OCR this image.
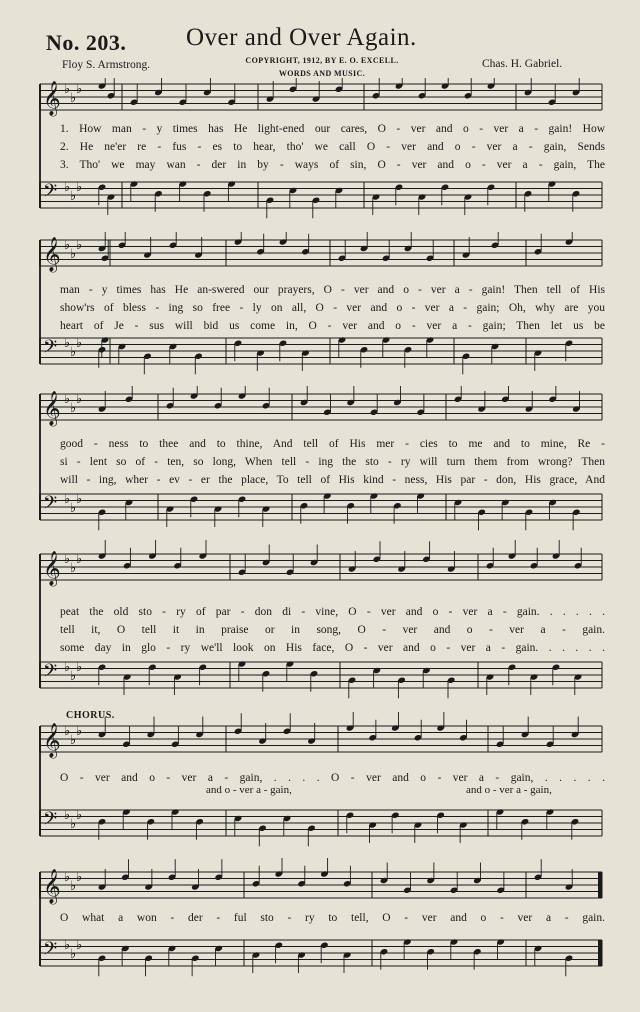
No. 203. Over and Over Again.
Floy S. Armstrong.	COPYRIGHT, 1912, BY E. O. EXCELL.
WORDS AND MUSIC.
Chas. H. Gabriel.
𝄞 ♭
♭
♭
𝄢 ♭
♭
♭
1. How man - y times has He light-ened our cares, O - ver and o - ver a - gain! How
2. He ne'er re - fus - es to hear, tho' we call O - ver and o - ver a - gain, Sends
3. Tho' we may wan - der in by - ways of sin, O - ver and o - ver a - gain, The
𝄞 ♭
♭
♭
𝄢 ♭
♭
♭
man - y times has He an-swered our prayers, O - ver and o - ver a - gain! Then tell of His
show'rs of bless - ing so free - ly on all, O - ver and o - ver a - gain; Oh, why are you
heart of Je - sus will bid us come in, O - ver and o - ver a - gain; Then let us be
𝄞 ♭
♭
♭
𝄢 ♭
♭
♭
good - ness to thee and to thine, And tell of His mer - cies to me and to mine, Re -
si - lent so of - ten, so long, When tell - ing the sto - ry will turn them from wrong? Then
will - ing, wher - ev - er the place, To tell of His kind - ness, His par - don, His grace, And
𝄞 ♭
♭
♭
𝄢 ♭
♭
♭
peat the old sto - ry of par - don di - vine, O - ver and o - ver a - gain. . . . . .
tell it, O tell it in praise or in song, O - ver and o - ver a - gain.
some day in glo - ry we'll look on His face, O - ver and o - ver a - gain. . . . . .
CHORUS.
𝄞 ♭
♭
♭
𝄢 ♭
♭
♭
O - ver and o - ver a - gain, . . . . O - ver and o - ver a - gain, . . . . .
and o - ver a - gain,	and o - ver a - gain,
𝄞 ♭
♭
♭
𝄢 ♭
♭
♭
O what a won - der - ful sto - ry to tell, O - ver and o - ver a - gain.
